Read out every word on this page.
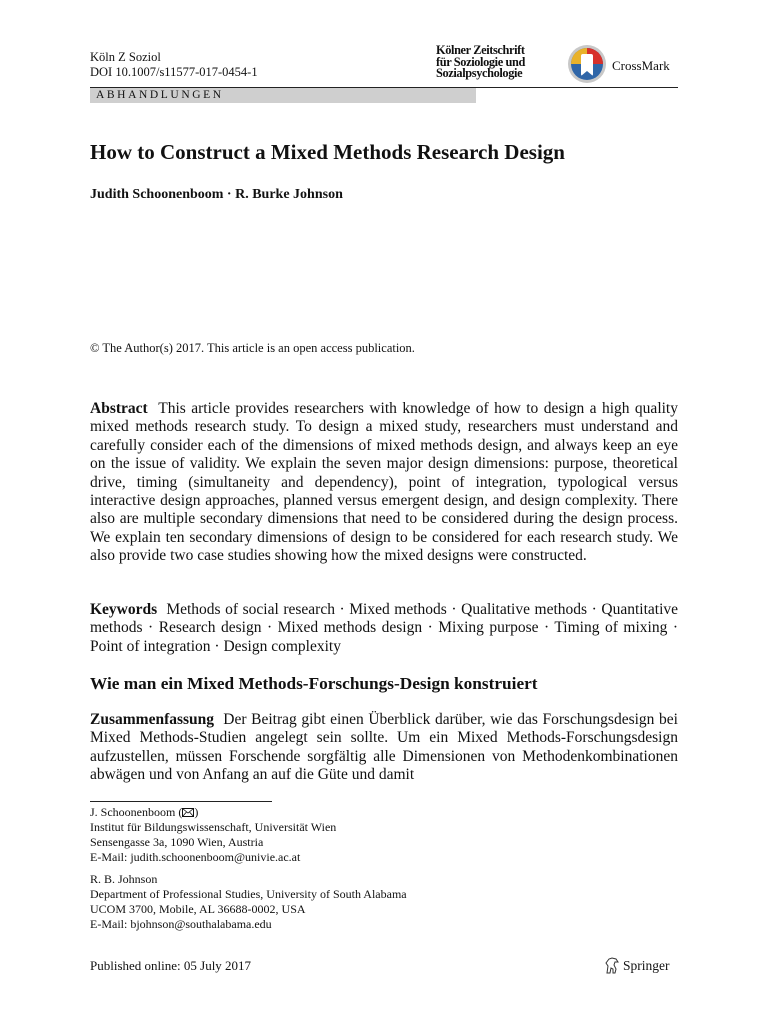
Köln Z Soziol
DOI 10.1007/s11577-017-0454-1
Kölner Zeitschrift
für Soziologie und
Sozialpsychologie	CrossMark
ABHANDLUNGEN
How to Construct a Mixed Methods Research Design
Judith Schoonenboom · R. Burke Johnson
© The Author(s) 2017. This article is an open access publication.

Abstract This article provides researchers with knowledge of how to design a high quality mixed methods research study. To design a mixed study, researchers must understand and carefully consider each of the dimensions of mixed methods design, and always keep an eye on the issue of validity. We explain the seven major design dimensions: purpose, theoretical drive, timing (simultaneity and dependency), point of integration, typological versus interactive design approaches, planned versus emergent design, and design complexity. There also are multiple secondary dimensions that need to be considered during the design process. We explain ten secondary dimensions of design to be considered for each research study. We also provide two case studies showing how the mixed designs were constructed.

Keywords Methods of social research · Mixed methods · Qualitative methods · Quantitative methods · Research design · Mixed methods design · Mixing purpose · Timing of mixing · Point of integration · Design complexity

Wie man ein Mixed Methods-Forschungs-Design konstruiert

Zusammenfassung Der Beitrag gibt einen Überblick darüber, wie das Forschungsdesign bei Mixed Methods-Studien angelegt sein sollte. Um ein Mixed Methods-Forschungsdesign aufzustellen, müssen Forschende sorgfältig alle Dimensionen von Methodenkombinationen abwägen und von Anfang an auf die Güte und damit

J. Schoonenboom ( )
Institut für Bildungswissenschaft, Universität Wien
Sensengasse 3a, 1090 Wien, Austria
E-Mail: judith.schoonenboom@univie.ac.at
R. B. Johnson
Department of Professional Studies, University of South Alabama
UCOM 3700, Mobile, AL 36688-0002, USA
E-Mail: bjohnson@southalabama.edu
Published online: 05 July 2017	Springer
